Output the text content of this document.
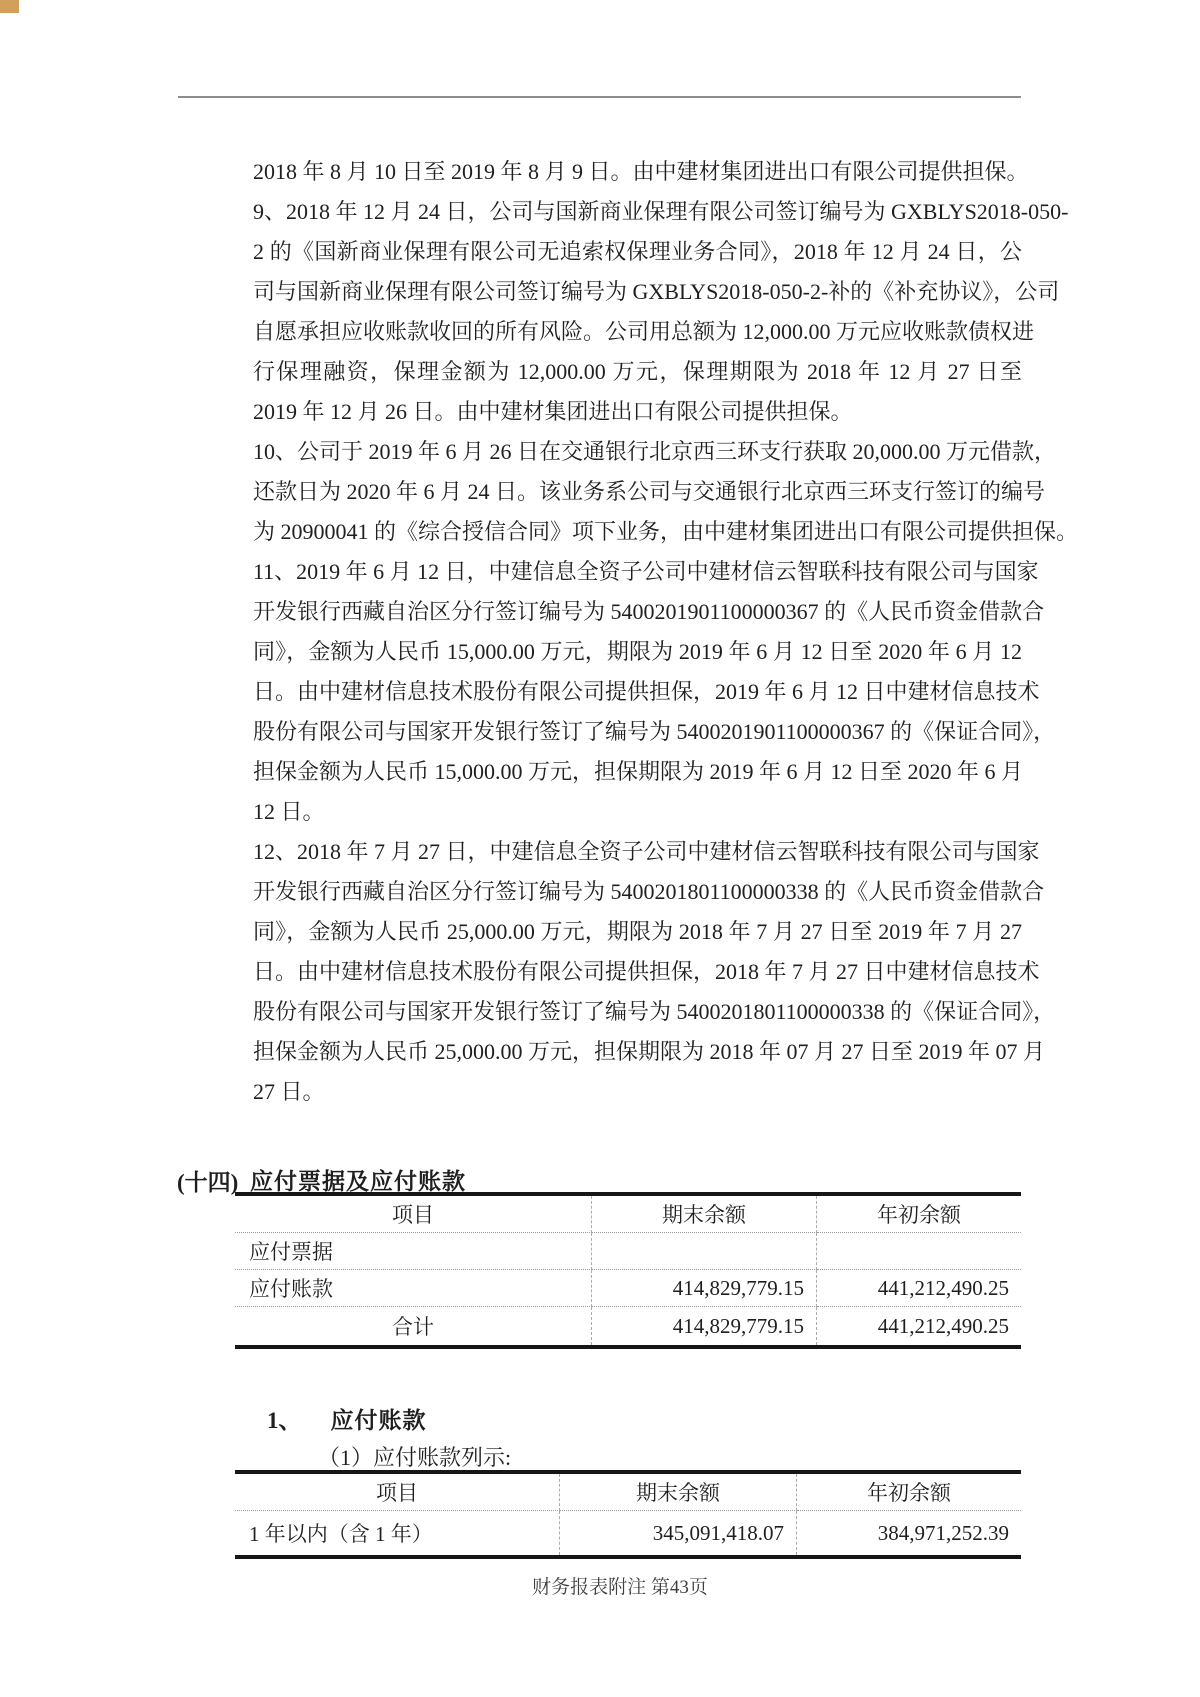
2018 年 8 月 10 日至 2019 年 8 月 9 日。由中建材集团进出口有限公司提供担保。
9、2018 年 12 月 24 日，公司与国新商业保理有限公司签订编号为 GXBLYS2018-050-
2 的《国新商业保理有限公司无追索权保理业务合同》，2018 年 12 月 24 日，公
司与国新商业保理有限公司签订编号为 GXBLYS2018-050-2-补的《补充协议》，公司
自愿承担应收账款收回的所有风险。公司用总额为 12,000.00 万元应收账款债权进
行保理融资，保理金额为 12,000.00 万元，保理期限为 2018 年 12 月 27 日至
2019 年 12 月 26 日。由中建材集团进出口有限公司提供担保。
10、公司于 2019 年 6 月 26 日在交通银行北京西三环支行获取 20,000.00 万元借款，
还款日为 2020 年 6 月 24 日。该业务系公司与交通银行北京西三环支行签订的编号
为 20900041 的《综合授信合同》项下业务，由中建材集团进出口有限公司提供担保。
11、2019 年 6 月 12 日，中建信息全资子公司中建材信云智联科技有限公司与国家
开发银行西藏自治区分行签订编号为 5400201901100000367 的《人民币资金借款合
同》，金额为人民币 15,000.00 万元，期限为 2019 年 6 月 12 日至 2020 年 6 月 12
日。由中建材信息技术股份有限公司提供担保，2019 年 6 月 12 日中建材信息技术
股份有限公司与国家开发银行签订了编号为 5400201901100000367 的《保证合同》，
担保金额为人民币 15,000.00 万元，担保期限为 2019 年 6 月 12 日至 2020 年 6 月
12 日。
12、2018 年 7 月 27 日，中建信息全资子公司中建材信云智联科技有限公司与国家
开发银行西藏自治区分行签订编号为 5400201801100000338 的《人民币资金借款合
同》，金额为人民币 25,000.00 万元，期限为 2018 年 7 月 27 日至 2019 年 7 月 27
日。由中建材信息技术股份有限公司提供担保，2018 年 7 月 27 日中建材信息技术
股份有限公司与国家开发银行签订了编号为 5400201801100000338 的《保证合同》，
担保金额为人民币 25,000.00 万元，担保期限为 2018 年 07 月 27 日至 2019 年 07 月
27 日。
(十四) 应付票据及应付账款
项目	期末余额	年初余额
应付票据
应付账款	414,829,779.15	441,212,490.25
合计	414,829,779.15	441,212,490.25
1、 应付账款
（1）应付账款列示:
项目	期末余额	年初余额
1 年以内（含 1 年）	345,091,418.07	384,971,252.39
财务报表附注 第43页
